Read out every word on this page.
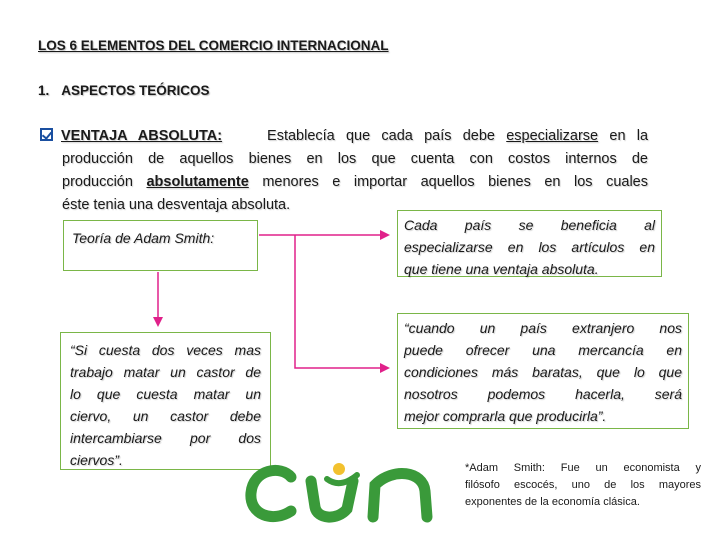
LOS 6 ELEMENTOS DEL COMERCIO INTERNACIONAL
1. ASPECTOS TEÓRICOS
VENTAJA ABSOLUTA:	Establecía que cada país debe especializarse en la
producción de aquellos bienes en los que cuenta con costos internos de
producción absolutamente menores e importar aquellos bienes en los cuales
éste tenia una desventaja absoluta.
Teoría de Adam Smith:
“Si cuesta dos veces mas
trabajo matar un castor de
lo que cuesta matar un
ciervo, un castor debe
intercambiarse por dos
ciervos”.
Cada país se beneficia al
especializarse en los artículos en
que tiene una ventaja absoluta.
“cuando un país extranjero nos
puede ofrecer una mercancía en
condiciones más baratas, que lo que
nosotros podemos hacerla, será
mejor comprarla que producirla”.
*Adam Smith: Fue un economista y
filósofo escocés, uno de los mayores
exponentes de la economía clásica.
